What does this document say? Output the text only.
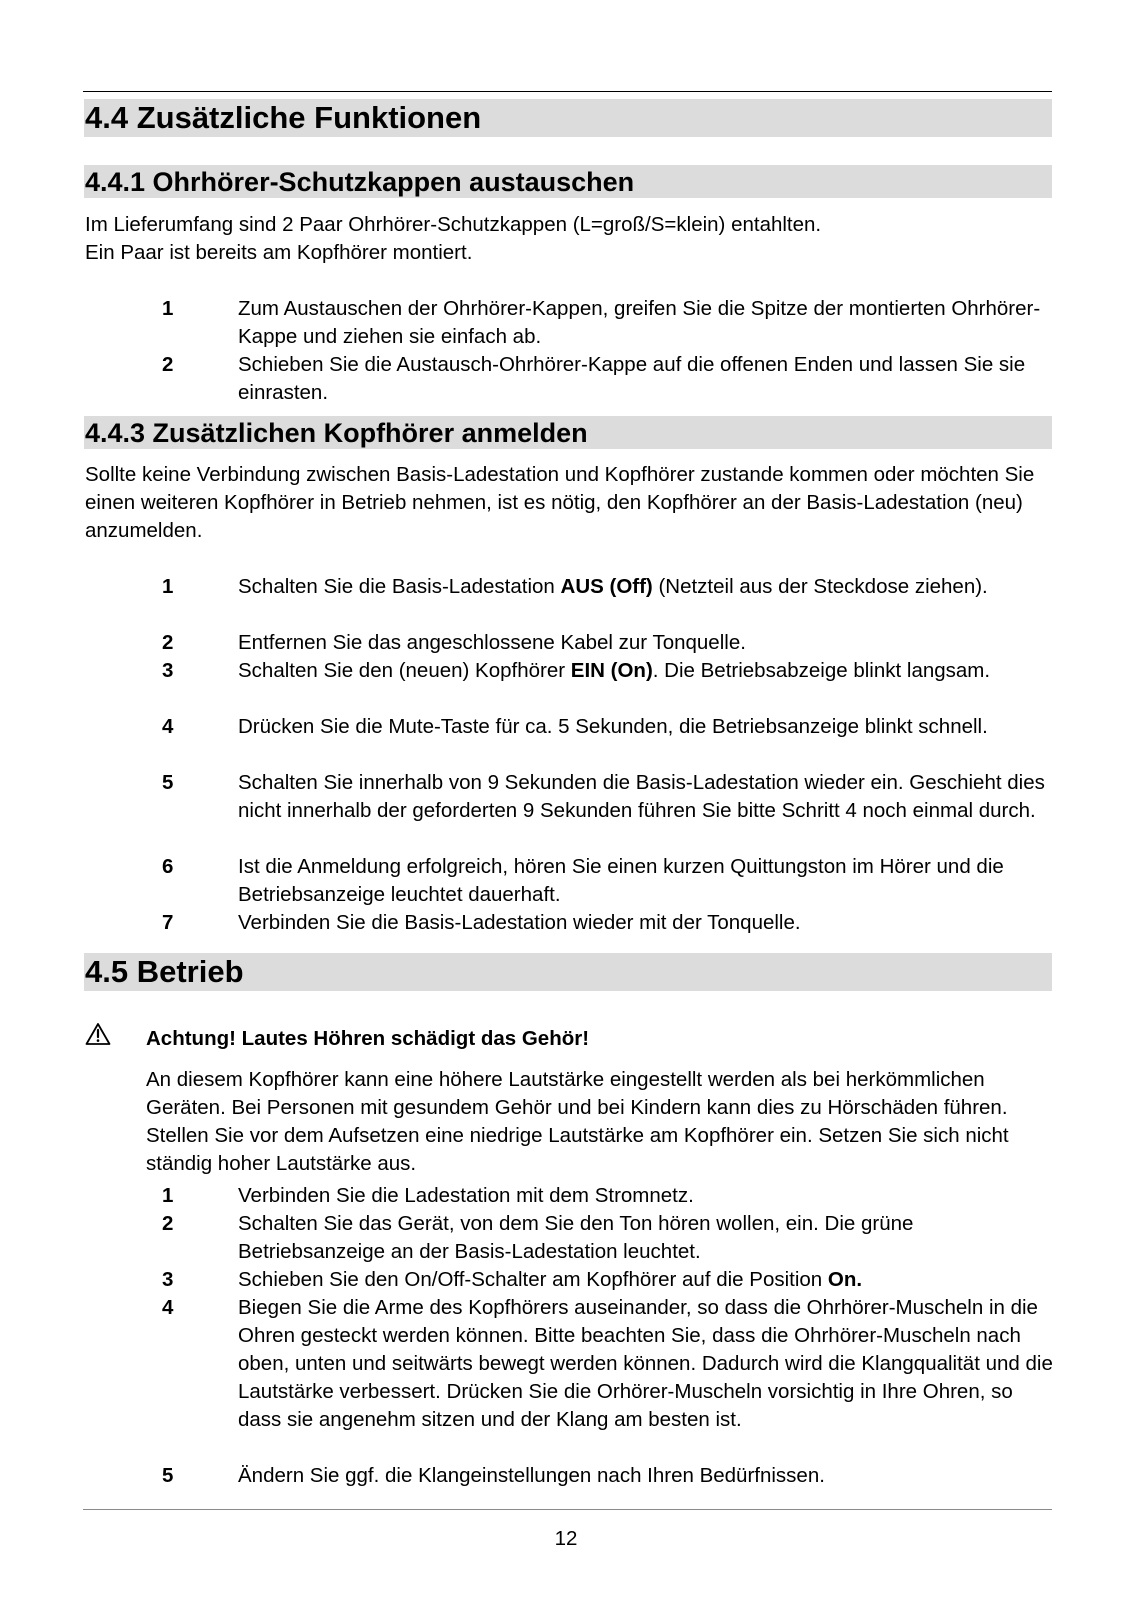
4.4 Zusätzliche Funktionen
4.4.1 Ohrhörer-Schutzkappen austauschen
Im Lieferumfang sind 2 Paar Ohrhörer-Schutzkappen (L=groß/S=klein) entahlten.
Ein Paar ist bereits am Kopfhörer montiert.
1	Zum Austauschen der Ohrhörer-Kappen, greifen Sie die Spitze der montierten Ohrhörer-Kappe und ziehen sie einfach ab.
2	Schieben Sie die Austausch-Ohrhörer-Kappe auf die offenen Enden und lassen Sie sie einrasten.
4.4.3 Zusätzlichen Kopfhörer anmelden
Sollte keine Verbindung zwischen Basis-Ladestation und Kopfhörer zustande kommen oder möchten Sie einen weiteren Kopfhörer in Betrieb nehmen, ist es nötig, den Kopfhörer an der Basis-Ladestation (neu) anzumelden.
1	Schalten Sie die Basis-Ladestation AUS (Off) (Netzteil aus der Steckdose ziehen).
2	Entfernen Sie das angeschlossene Kabel zur Tonquelle.
3	Schalten Sie den (neuen) Kopfhörer EIN (On). Die Betriebsabzeige blinkt langsam.
4	Drücken Sie die Mute-Taste für ca. 5 Sekunden, die Betriebsanzeige blinkt schnell.
5	Schalten Sie innerhalb von 9 Sekunden die Basis-Ladestation wieder ein. Geschieht dies nicht innerhalb der geforderten 9 Sekunden führen Sie bitte Schritt 4 noch einmal durch.
6	Ist die Anmeldung erfolgreich, hören Sie einen kurzen Quittungston im Hörer und die Betriebsanzeige leuchtet dauerhaft.
7	Verbinden Sie die Basis-Ladestation wieder mit der Tonquelle.
4.5 Betrieb
Achtung! Lautes Höhren schädigt das Gehör!
An diesem Kopfhörer kann eine höhere Lautstärke eingestellt werden als bei herkömmlichen Geräten. Bei Personen mit gesundem Gehör und bei Kindern kann dies zu Hörschäden führen. Stellen Sie vor dem Aufsetzen eine niedrige Lautstärke am Kopfhörer ein. Setzen Sie sich nicht ständig hoher Lautstärke aus.
1	Verbinden Sie die Ladestation mit dem Stromnetz.
2	Schalten Sie das Gerät, von dem Sie den Ton hören wollen, ein. Die grüne Betriebsanzeige an der Basis-Ladestation leuchtet.
3	Schieben Sie den On/Off-Schalter am Kopfhörer auf die Position On.
4	Biegen Sie die Arme des Kopfhörers auseinander, so dass die Ohrhörer-Muscheln in die Ohren gesteckt werden können. Bitte beachten Sie, dass die Ohrhörer-Muscheln nach oben, unten und seitwärts bewegt werden können. Dadurch wird die Klangqualität und die Lautstärke verbessert. Drücken Sie die Orhörer-Muscheln vorsichtig in Ihre Ohren, so dass sie angenehm sitzen und der Klang am besten ist.
5	Ändern Sie ggf. die Klangeinstellungen nach Ihren Bedürfnissen.
12
